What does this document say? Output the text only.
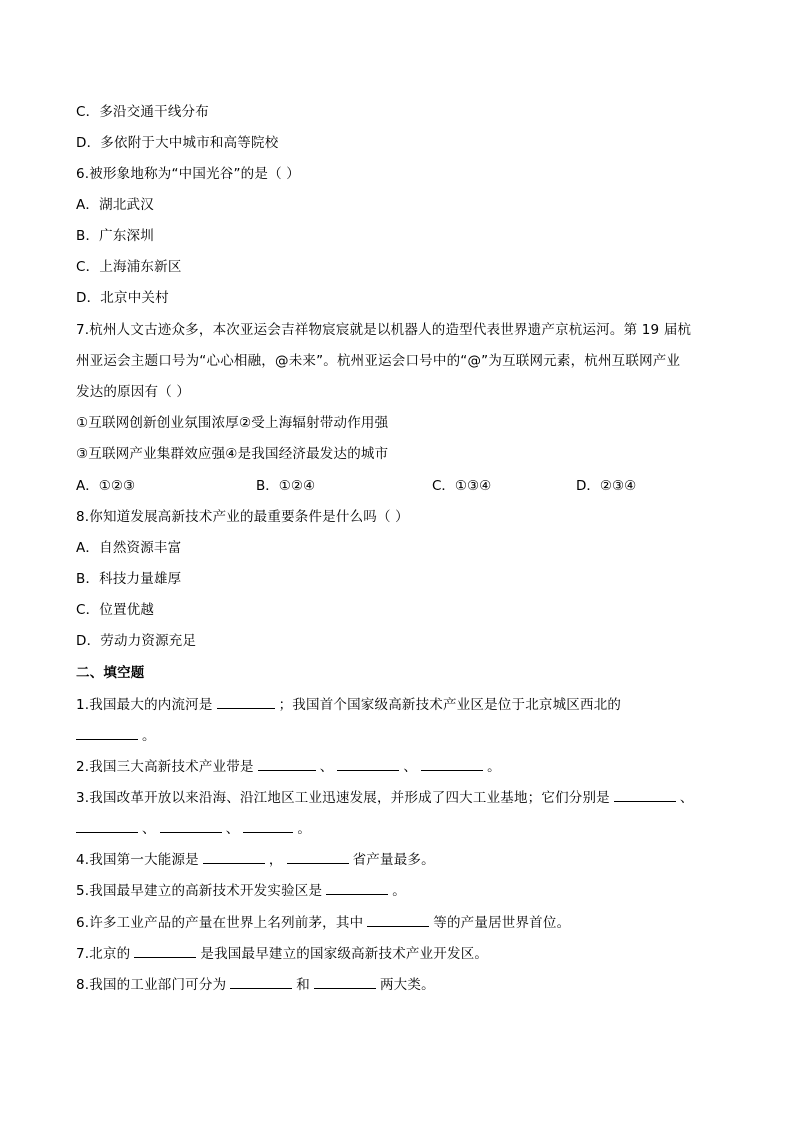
C．多沿交通干线分布
D．多依附于大中城市和高等院校
6.被形象地称为“中国光谷”的是（ ）
A．湖北武汉
B．广东深圳
C．上海浦东新区
D．北京中关村
7.杭州人文古迹众多，本次亚运会吉祥物宸宸就是以机器人的造型代表世界遗产京杭运河。第 19 届杭
州亚运会主题口号为“心心相融，@未来”。杭州亚运会口号中的“@”为互联网元素，杭州互联网产业
发达的原因有（ ）
①互联网创新创业氛围浓厚②受上海辐射带动作用强
③互联网产业集群效应强④是我国经济最发达的城市
A．①②③	B．①②④	C．①③④	D．②③④
8.你知道发展高新技术产业的最重要条件是什么吗（ ）
A．自然资源丰富
B．科技力量雄厚
C．位置优越
D．劳动力资源充足
二、填空题
1.我国最大的内流河是	；我国首个国家级高新技术产业区是位于北京城区西北的
。
2.我国三大高新技术产业带是	、	、	。
3.我国改革开放以来沿海、沿江地区工业迅速发展，并形成了四大工业基地；它们分别是	、
、	、	。
4.我国第一大能源是	，	省产量最多。
5.我国最早建立的高新技术开发实验区是	。
6.许多工业产品的产量在世界上名列前茅，其中	等的产量居世界首位。
7.北京的	是我国最早建立的国家级高新技术产业开发区。
8.我国的工业部门可分为	和	两大类。
